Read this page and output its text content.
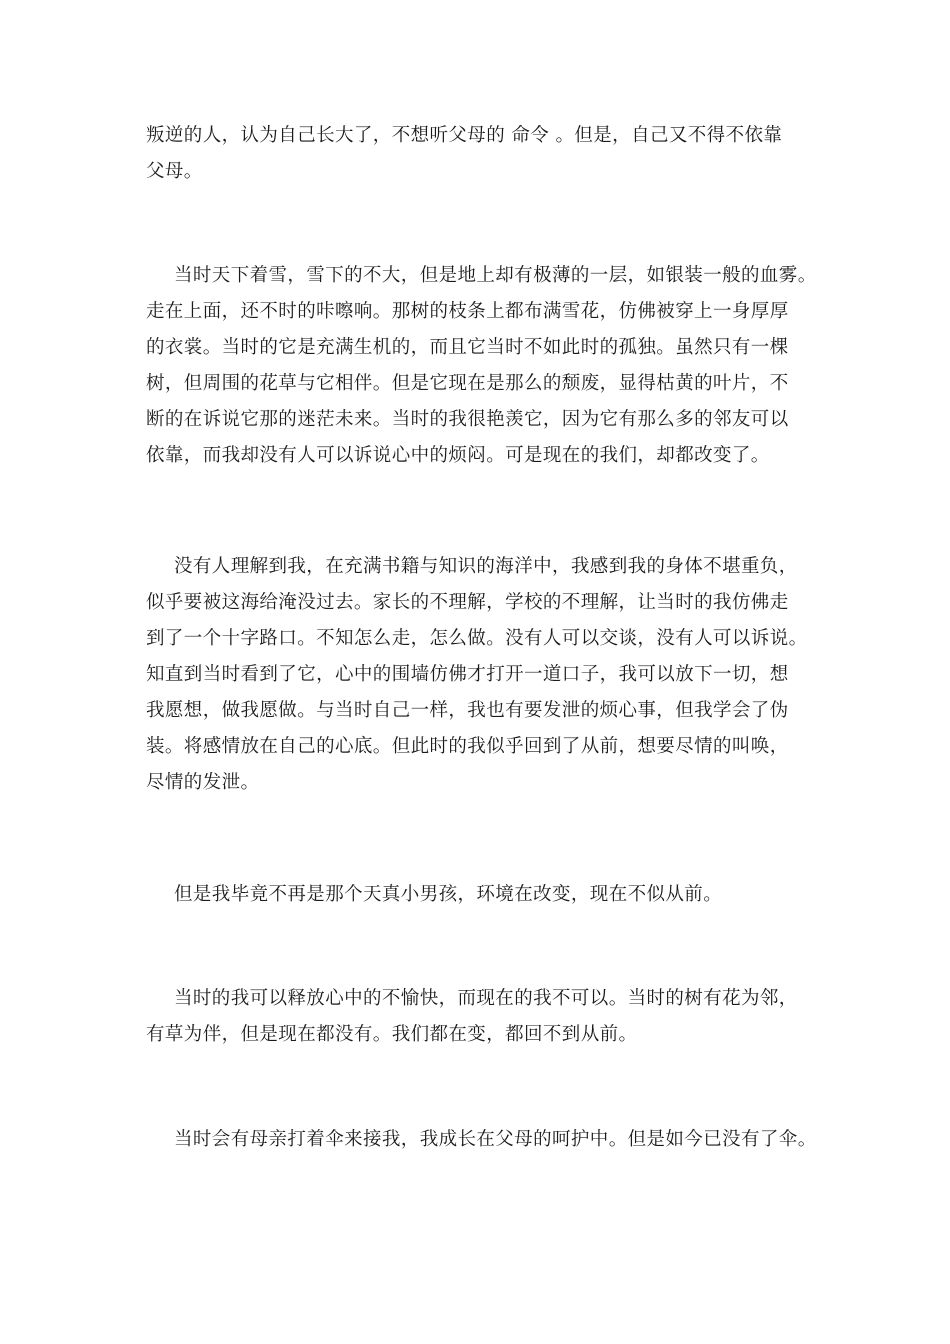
叛逆的人，认为自己长大了，不想听父母的 命令 。但是，自己又不得不依靠
父母。
当时天下着雪，雪下的不大，但是地上却有极薄的一层，如银装一般的血雾。
走在上面，还不时的咔嚓响。那树的枝条上都布满雪花，仿佛被穿上一身厚厚
的衣裳。当时的它是充满生机的，而且它当时不如此时的孤独。虽然只有一棵
树，但周围的花草与它相伴。但是它现在是那么的颓废，显得枯黄的叶片，不
断的在诉说它那的迷茫未来。当时的我很艳羡它，因为它有那么多的邻友可以
依靠，而我却没有人可以诉说心中的烦闷。可是现在的我们，却都改变了。
没有人理解到我，在充满书籍与知识的海洋中，我感到我的身体不堪重负，
似乎要被这海给淹没过去。家长的不理解，学校的不理解，让当时的我仿佛走
到了一个十字路口。不知怎么走，怎么做。没有人可以交谈，没有人可以诉说。
知直到当时看到了它，心中的围墙仿佛才打开一道口子，我可以放下一切，想
我愿想，做我愿做。与当时自己一样，我也有要发泄的烦心事，但我学会了伪
装。将感情放在自己的心底。但此时的我似乎回到了从前，想要尽情的叫唤，
尽情的发泄。
但是我毕竟不再是那个天真小男孩，环境在改变，现在不似从前。
当时的我可以释放心中的不愉快，而现在的我不可以。当时的树有花为邻，
有草为伴，但是现在都没有。我们都在变，都回不到从前。
当时会有母亲打着伞来接我，我成长在父母的呵护中。但是如今已没有了伞。
